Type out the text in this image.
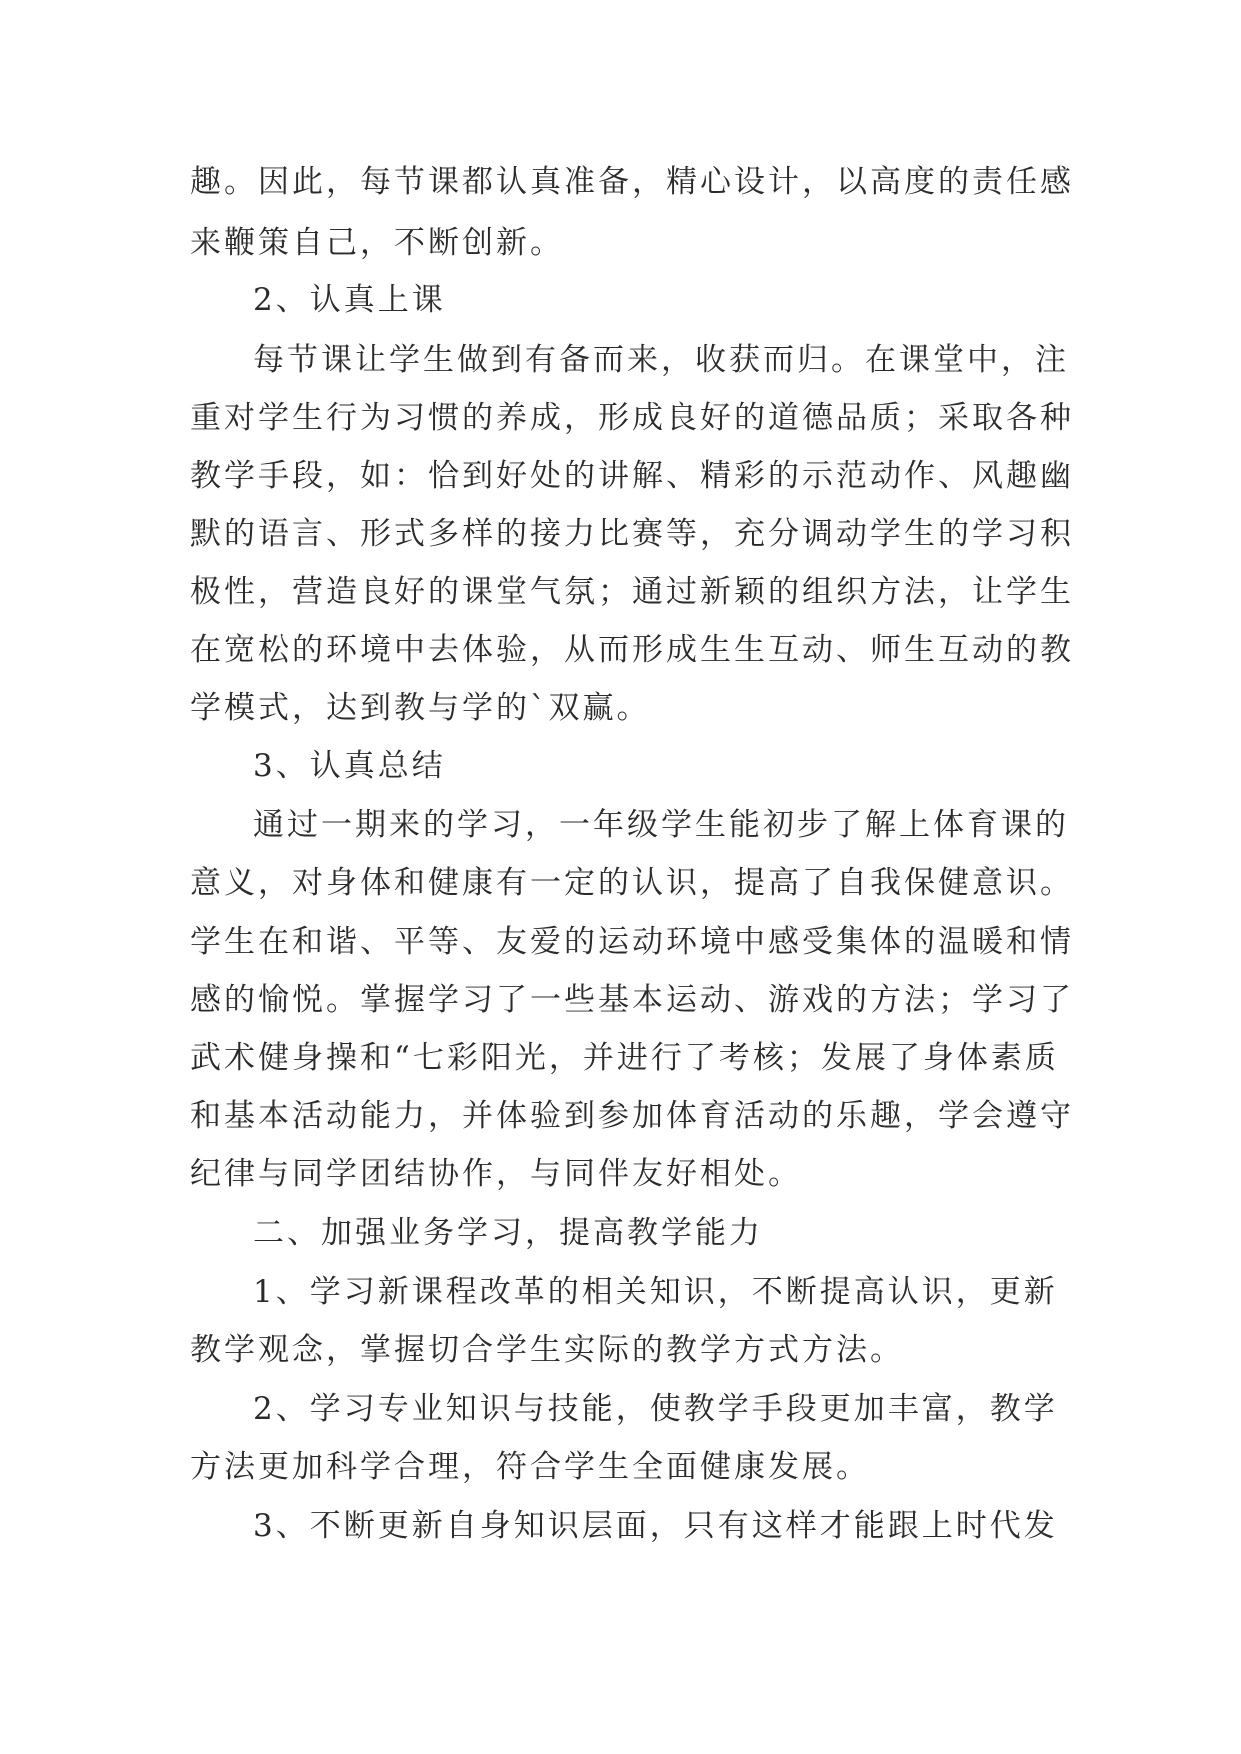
趣。因此，每节课都认真准备，精心设计，以高度的责任感

来鞭策自己，不断创新。

2、认真上课

每节课让学生做到有备而来，收获而归。在课堂中，注

重对学生行为习惯的养成，形成良好的道德品质；采取各种

教学手段，如：恰到好处的讲解、精彩的示范动作、风趣幽

默的语言、形式多样的接力比赛等，充分调动学生的学习积

极性，营造良好的课堂气氛；通过新颖的组织方法，让学生

在宽松的环境中去体验，从而形成生生互动、师生互动的教

学模式，达到教与学的`双赢。

3、认真总结

通过一期来的学习，一年级学生能初步了解上体育课的

意义，对身体和健康有一定的认识，提高了自我保健意识。

学生在和谐、平等、友爱的运动环境中感受集体的温暖和情

感的愉悦。掌握学习了一些基本运动、游戏的方法；学习了

武术健身操和“七彩阳光，并进行了考核；发展了身体素质

和基本活动能力，并体验到参加体育活动的乐趣，学会遵守

纪律与同学团结协作，与同伴友好相处。

二、加强业务学习，提高教学能力

1、学习新课程改革的相关知识，不断提高认识，更新

教学观念，掌握切合学生实际的教学方式方法。

2、学习专业知识与技能，使教学手段更加丰富，教学

方法更加科学合理，符合学生全面健康发展。

3、不断更新自身知识层面，只有这样才能跟上时代发
